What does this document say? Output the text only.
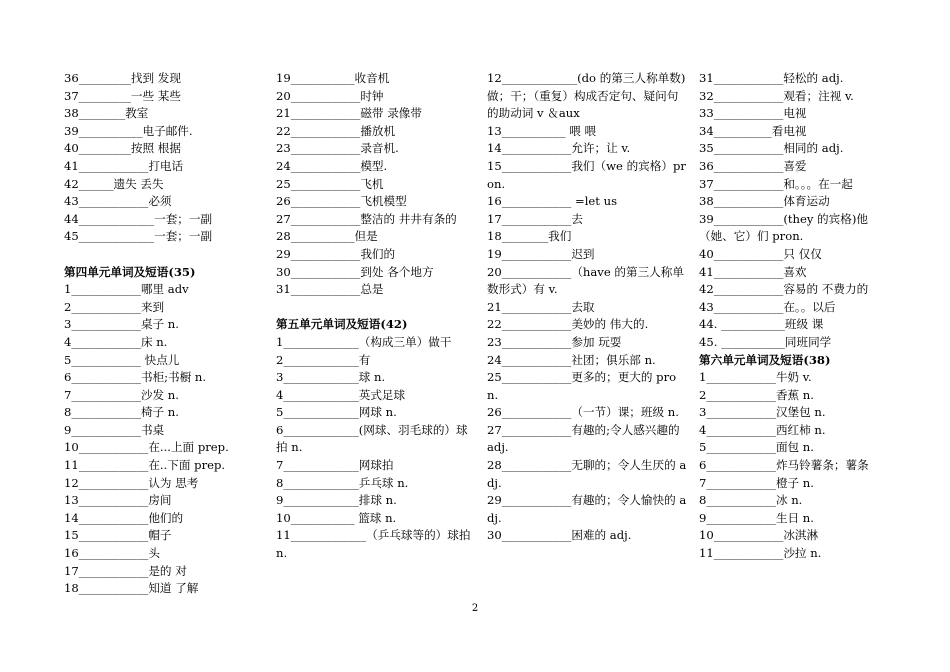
36_________找到 发现
37_________一些 某些
38________教室
39___________电子邮件.
40_________按照 根据
41____________打电话
42______遗失 丢失
43____________必须
44_____________一套；一副
45_____________一套；一副
第四单元单词及短语(35)
1____________哪里 adv
2____________来到
3____________桌子 n.
4____________床 n.
5____________ 快点儿
6____________书柜;书橱 n.
7____________沙发 n.
8____________椅子 n.
9____________书桌
10____________在...上面 prep.
11____________在..下面 prep.
12____________认为 思考
13____________房间
14____________他们的
15____________帽子
16____________头
17____________是的 对
18____________知道 了解
19___________收音机
20____________时钟
21____________磁带 录像带
22____________播放机
23____________录音机.
24____________模型.
25____________飞机
26____________飞机模型
27____________整洁的 井井有条的
28___________但是
29____________我们的
30____________到处 各个地方
31____________总是
第五单元单词及短语(42)
1_____________（构成三单）做干
2_____________有
3_____________球 n.
4_____________英式足球
5_____________网球 n.
6_____________(网球、羽毛球的）球拍 n.
7_____________网球拍
8_____________乒乓球 n.
9_____________排球 n.
10___________ 篮球 n.
11_____________（乒乓球等的）球拍 n.
12_____________(do 的第三人称单数)做；干；（重复）构成否定句、疑问句的助动词 v ＆aux
13___________ 喂 喂
14____________允许；让 v.
15____________我们（we 的宾格）pron.
16____________ =let us
17____________去
18________我们
19____________迟到
20____________（have 的第三人称单数形式）有 v.
21____________去取
22____________美妙的 伟大的.
23____________参加 玩耍
24____________社团；俱乐部 n.
25____________更多的；更大的 pron.
26____________（一节）课；班级 n.
27____________有趣的;令人感兴趣的 adj.
28____________无聊的；令人生厌的 adj.
29____________有趣的；令人愉快的 adj.
30____________困难的 adj.
31____________轻松的 adj.
32____________观看；注视 v.
33____________电视
34__________看电视
35____________相同的 adj.
36____________喜爱
37____________和。。。在一起
38____________体育运动
39____________(they 的宾格)他（她、它）们 pron.
40____________只 仅仅
41____________喜欢
42____________容易的 不费力的
43____________在。。以后
44. ___________班级 课
45. ___________同班同学
第六单元单词及短语(38)
1____________牛奶 v.
2____________香蕉 n.
3____________汉堡包 n.
4____________西红柿 n.
5____________面包 n.
6____________炸马铃薯条；薯条
7____________橙子 n.
8____________冰 n.
9____________生日 n.
10____________冰淇淋
11____________沙拉 n.
2
